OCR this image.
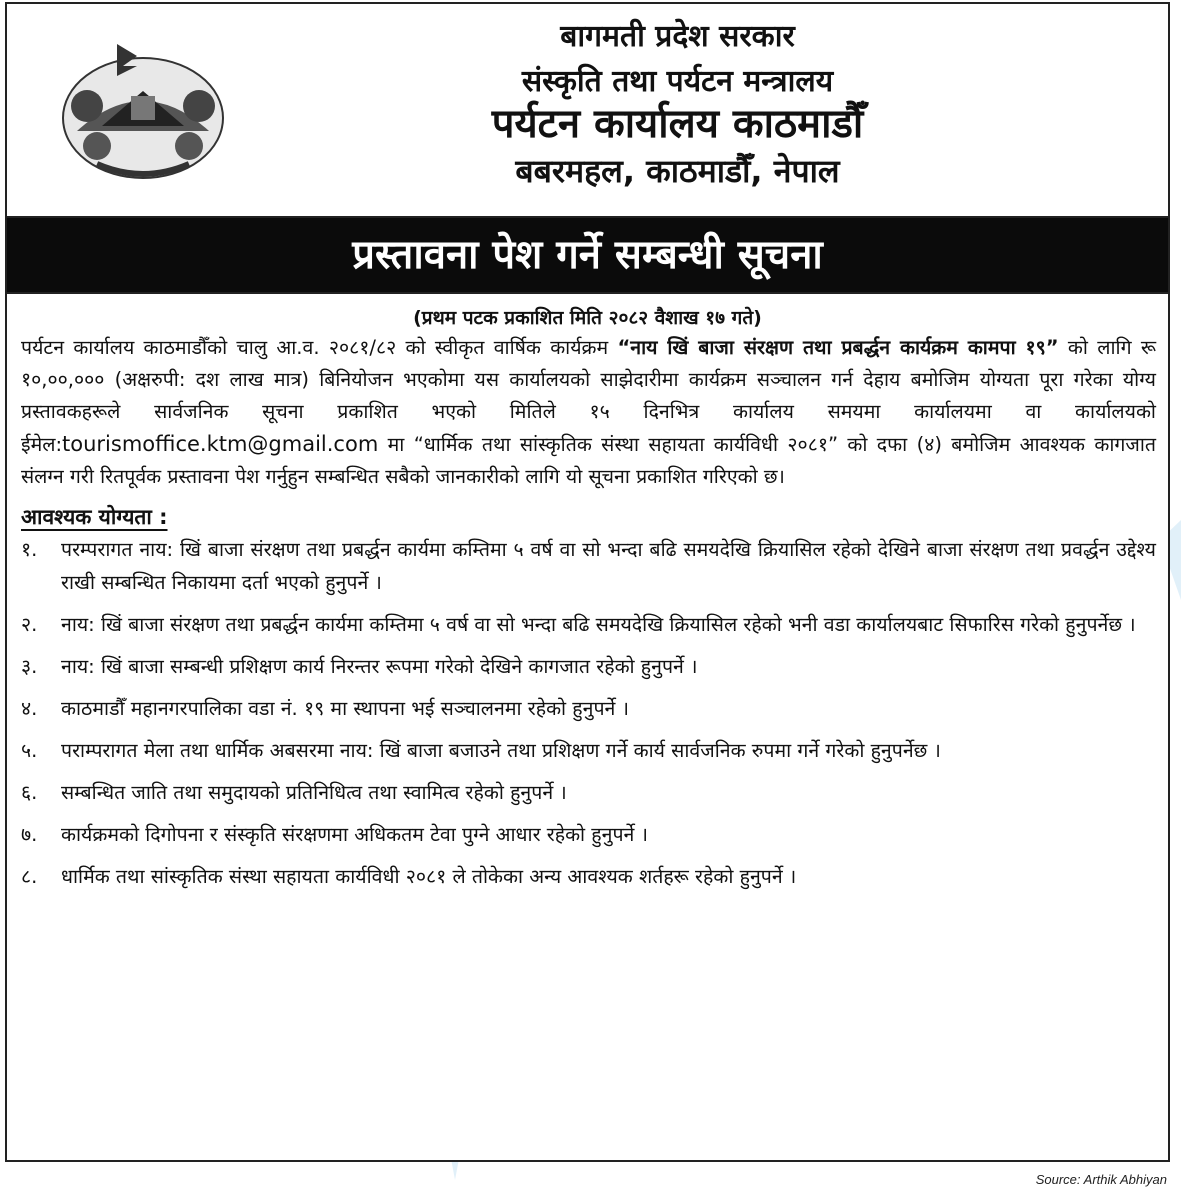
बागमती प्रदेश सरकार
संस्कृति तथा पर्यटन मन्त्रालय
पर्यटन कार्यालय काठमाडौँ
बबरमहल, काठमाडौँ, नेपाल
प्रस्तावना पेश गर्ने सम्बन्धी सूचना
(प्रथम पटक प्रकाशित मिति २०८२ वैशाख १७ गते)
पर्यटन कार्यालय काठमाडौँको चालु आ.व. २०८१/८२ को स्वीकृत वार्षिक कार्यक्रम “नाय खिं बाजा संरक्षण तथा प्रबर्द्धन कार्यक्रम कामपा १९” को लागि रू १०,००,००० (अक्षरुपी: दश लाख मात्र) बिनियोजन भएकोमा यस कार्यालयको साझेदारीमा कार्यक्रम सञ्चालन गर्न देहाय बमोजिम योग्यता पूरा गरेका योग्य प्रस्तावकहरूले सार्वजनिक सूचना प्रकाशित भएको मितिले १५ दिनभित्र कार्यालय समयमा कार्यालयमा वा कार्यालयको ईमेल:tourismoffice.ktm@gmail.com मा “धार्मिक तथा सांस्कृतिक संस्था सहायता कार्यविधी २०८१” को दफा (४) बमोजिम आवश्यक कागजात संलग्न गरी रितपूर्वक प्रस्तावना पेश गर्नुहुन सम्बन्धित सबैको जानकारीको लागि यो सूचना प्रकाशित गरिएको छ।
आवश्यक योग्यता :
१.	परम्परागत नाय: खिं बाजा संरक्षण तथा प्रबर्द्धन कार्यमा कम्तिमा ५ वर्ष वा सो भन्दा बढि समयदेखि क्रियासिल रहेको देखिने बाजा संरक्षण तथा प्रवर्द्धन उद्देश्य राखी सम्बन्धित निकायमा दर्ता भएको हुनुपर्ने ।
२.	नाय: खिं बाजा संरक्षण तथा प्रबर्द्धन कार्यमा कम्तिमा ५ वर्ष वा सो भन्दा बढि समयदेखि क्रियासिल रहेको भनी वडा कार्यालयबाट सिफारिस गरेको हुनुपर्नेछ ।
३.	नाय: खिं बाजा सम्बन्धी प्रशिक्षण कार्य निरन्तर रूपमा गरेको देखिने कागजात रहेको हुनुपर्ने ।
४.	काठमाडौँ महानगरपालिका वडा नं. १९ मा स्थापना भई सञ्चालनमा रहेको हुनुपर्ने ।
५.	पराम्परागत मेला तथा धार्मिक अबसरमा नाय: खिं बाजा बजाउने तथा प्रशिक्षण गर्ने कार्य सार्वजनिक रुपमा गर्ने गरेको हुनुपर्नेछ ।
६.	सम्बन्धित जाति तथा समुदायको प्रतिनिधित्व तथा स्वामित्व रहेको हुनुपर्ने ।
७.	कार्यक्रमको दिगोपना र संस्कृति संरक्षणमा अधिकतम टेवा पुग्ने आधार रहेको हुनुपर्ने ।
८.	धार्मिक तथा सांस्कृतिक संस्था सहायता कार्यविधी २०८१ ले तोकेका अन्य आवश्यक शर्तहरू रहेको हुनुपर्ने ।
Source: Arthik Abhiyan
